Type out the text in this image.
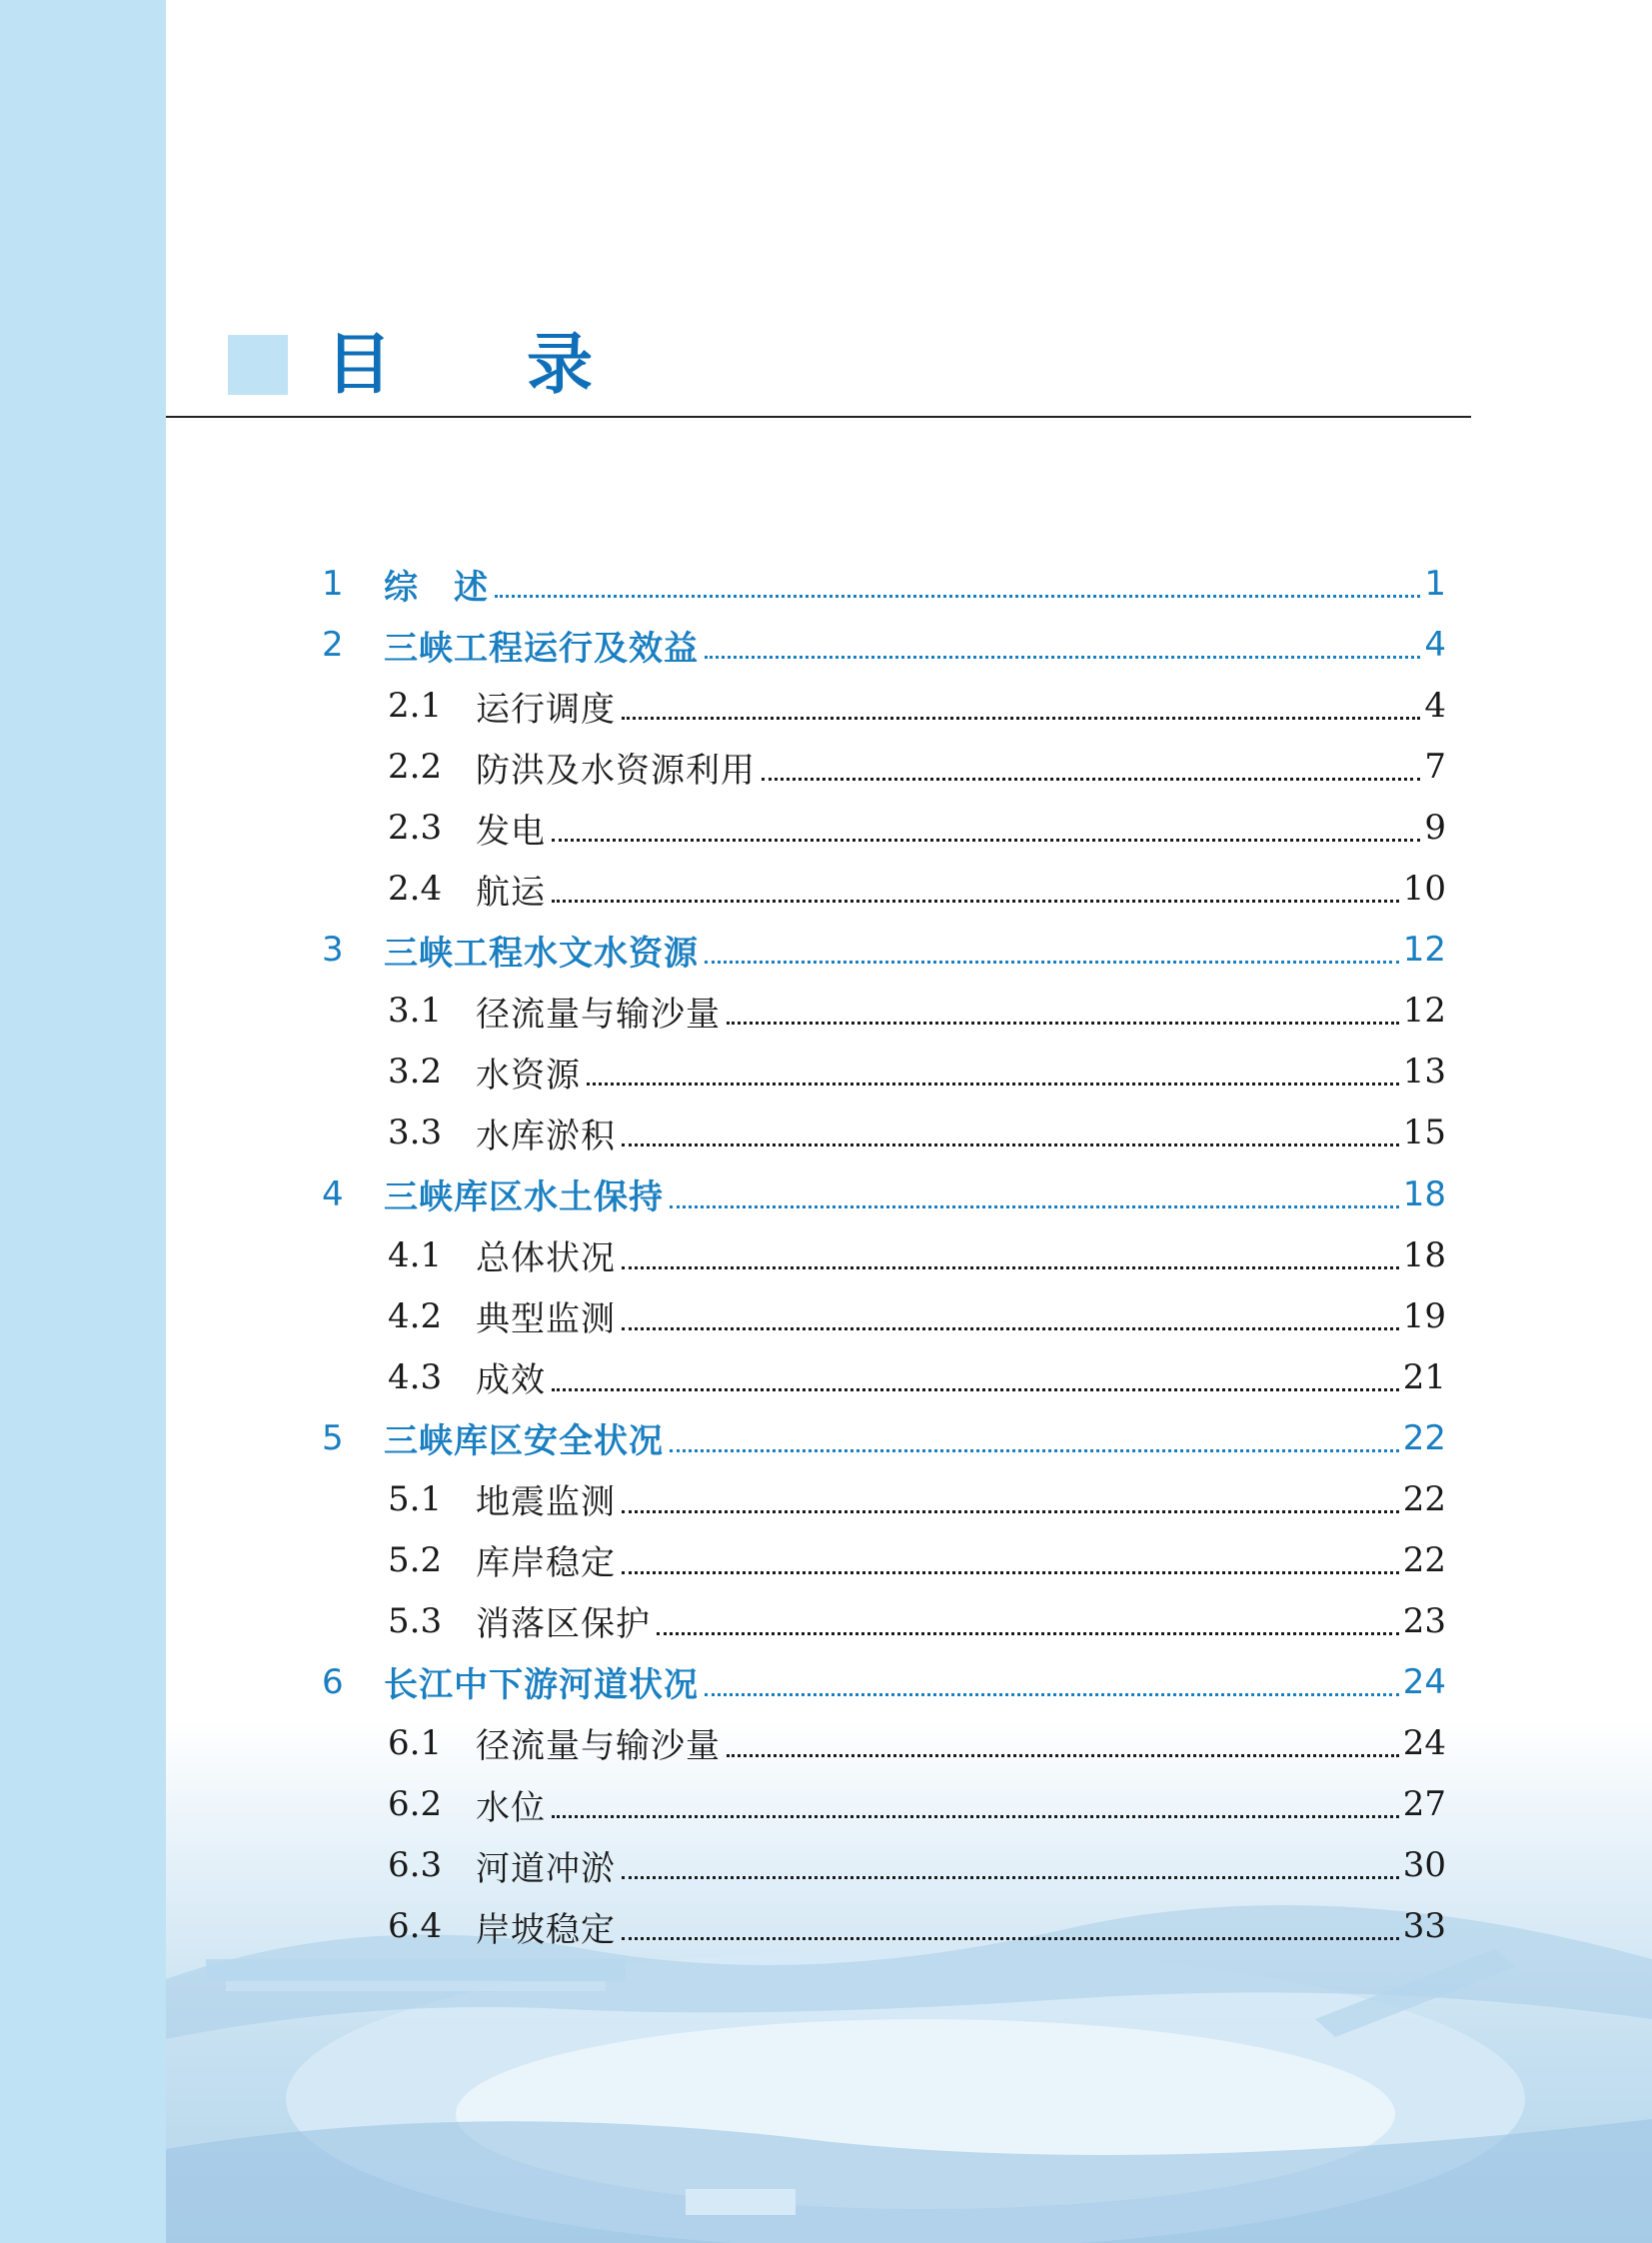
目 录
1 综　述	1
2 三峡工程运行及效益	4
2.1 运行调度	4
2.2 防洪及水资源利用	7
2.3 发电	9
2.4 航运	10
3 三峡工程水文水资源	12
3.1 径流量与输沙量	12
3.2 水资源	13
3.3 水库淤积	15
4 三峡库区水土保持	18
4.1 总体状况	18
4.2 典型监测	19
4.3 成效	21
5 三峡库区安全状况	22
5.1 地震监测	22
5.2 库岸稳定	22
5.3 消落区保护	23
6 长江中下游河道状况	24
6.1 径流量与输沙量	24
6.2 水位	27
6.3 河道冲淤	30
6.4 岸坡稳定	33
